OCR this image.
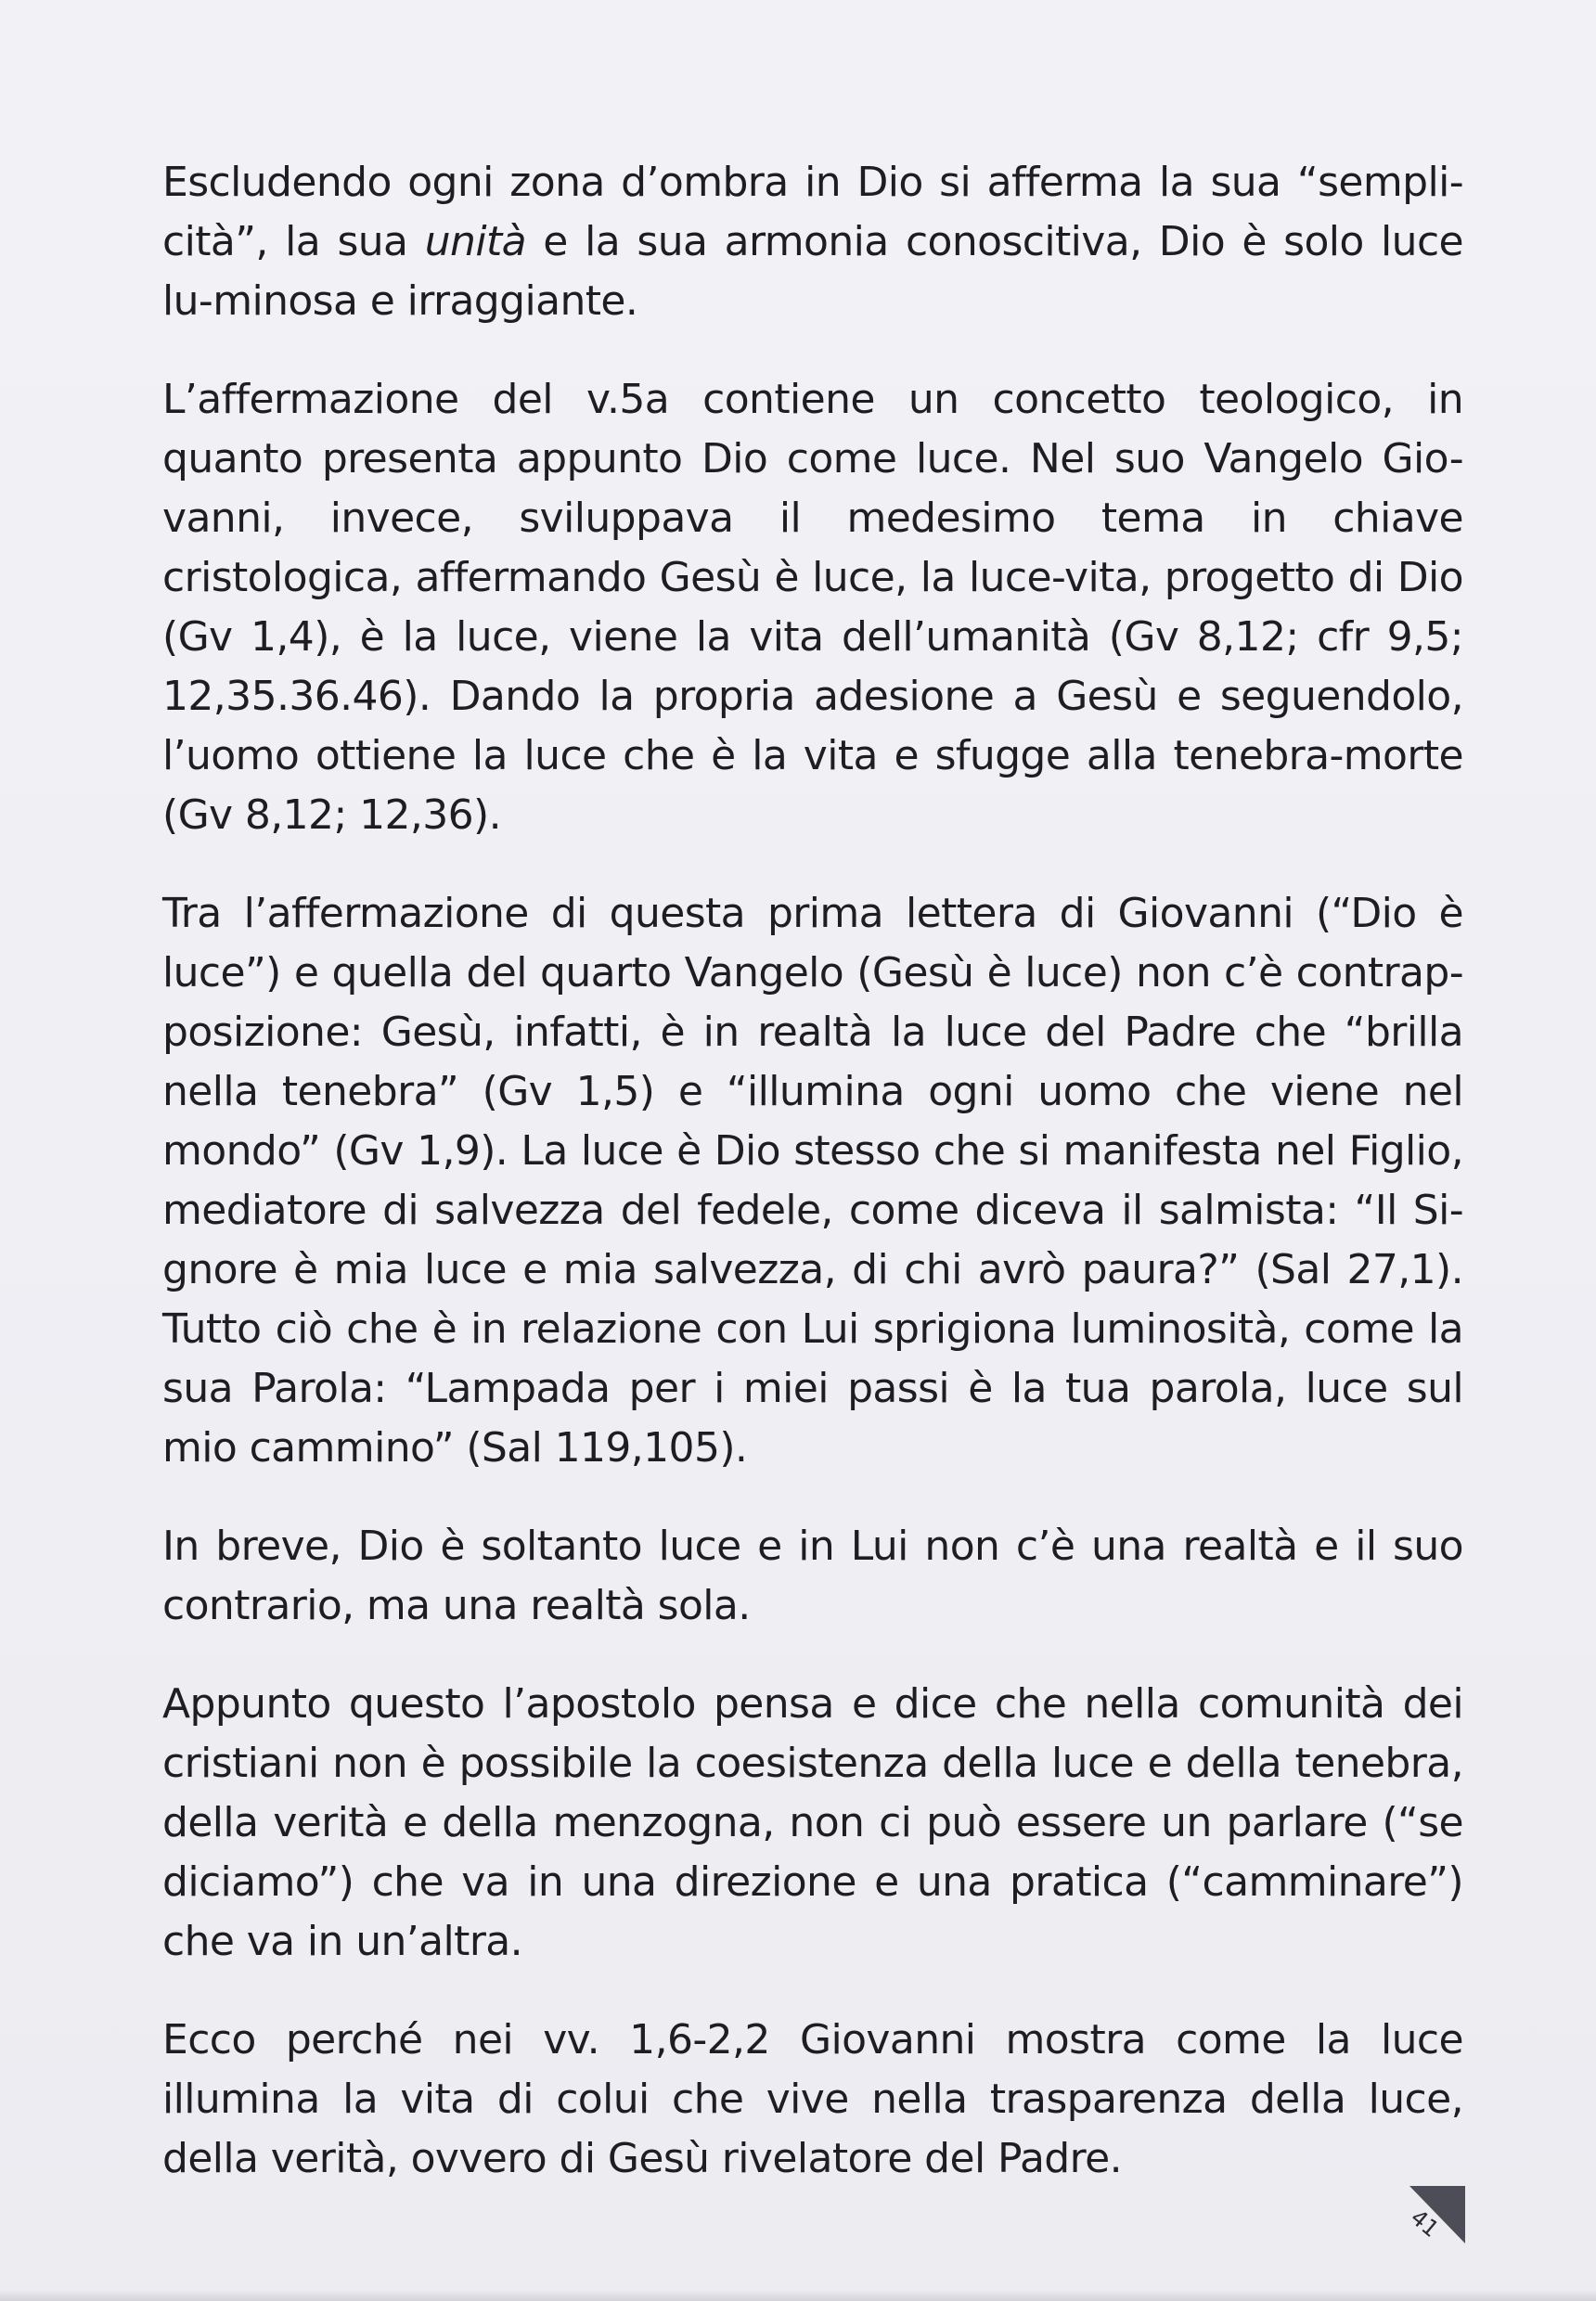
Escludendo ogni zona d’ombra in Dio si afferma la sua “sempli-cità”, la sua unità e la sua armonia conoscitiva, Dio è solo luce lu-minosa e irraggiante.

L’affermazione del v.5a contiene un concetto teologico, in quanto presenta appunto Dio come luce. Nel suo Vangelo Gio-vanni, invece, sviluppava il medesimo tema in chiave cristologica, affermando Gesù è luce, la luce-vita, progetto di Dio (Gv 1,4), è la luce, viene la vita dell’umanità (Gv 8,12; cfr 9,5; 12,35.36.46). Dando la propria adesione a Gesù e seguendolo, l’uomo ottiene la luce che è la vita e sfugge alla tenebra-morte (Gv 8,12; 12,36).

Tra l’affermazione di questa prima lettera di Giovanni (“Dio è luce”) e quella del quarto Vangelo (Gesù è luce) non c’è contrap-posizione: Gesù, infatti, è in realtà la luce del Padre che “brilla nella tenebra” (Gv 1,5) e “illumina ogni uomo che viene nel mondo” (Gv 1,9). La luce è Dio stesso che si manifesta nel Figlio, mediatore di salvezza del fedele, come diceva il salmista: “Il Si-gnore è mia luce e mia salvezza, di chi avrò paura?” (Sal 27,1). Tutto ciò che è in relazione con Lui sprigiona luminosità, come la sua Parola: “Lampada per i miei passi è la tua parola, luce sul mio cammino” (Sal 119,105).

In breve, Dio è soltanto luce e in Lui non c’è una realtà e il suo contrario, ma una realtà sola.

Appunto questo l’apostolo pensa e dice che nella comunità dei cristiani non è possibile la coesistenza della luce e della tenebra, della verità e della menzogna, non ci può essere un parlare (“se diciamo”) che va in una direzione e una pratica (“camminare”) che va in un’altra.

Ecco perché nei vv. 1,6-2,2 Giovanni mostra come la luce illumina la vita di colui che vive nella trasparenza della luce, della verità, ovvero di Gesù rivelatore del Padre.

41
